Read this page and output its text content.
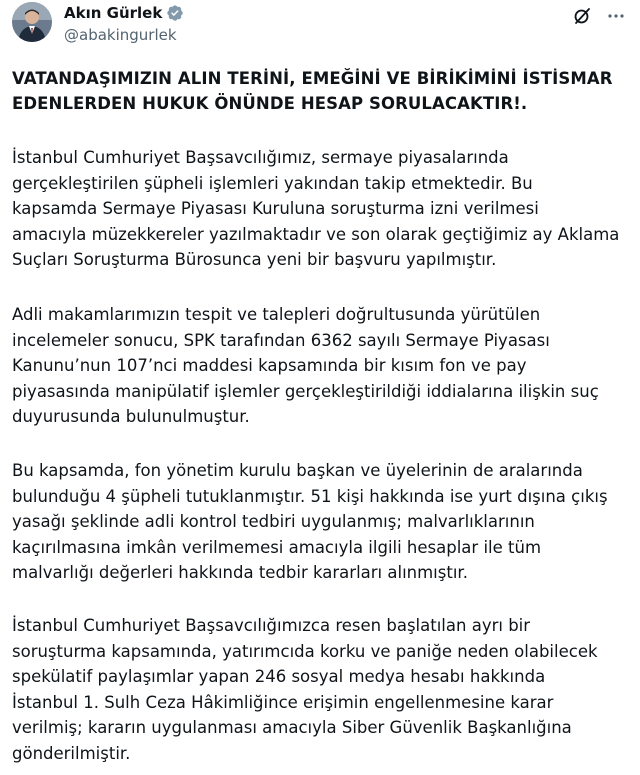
Akın Gürlek
@abakingurlek
VATANDAŞIMIZIN ALIN TERİNİ, EMEĞİNİ VE BİRİKİMİNİ İSTİSMAR
EDENLERDEN HUKUK ÖNÜNDE HESAP SORULACAKTIR!.
İstanbul Cumhuriyet Başsavcılığımız, sermaye piyasalarında
gerçekleştirilen şüpheli işlemleri yakından takip etmektedir. Bu
kapsamda Sermaye Piyasası Kuruluna soruşturma izni verilmesi
amacıyla müzekkereler yazılmaktadır ve son olarak geçtiğimiz ay Aklama
Suçları Soruşturma Bürosunca yeni bir başvuru yapılmıştır.
Adli makamlarımızın tespit ve talepleri doğrultusunda yürütülen
incelemeler sonucu, SPK tarafından 6362 sayılı Sermaye Piyasası
Kanunu’nun 107’nci maddesi kapsamında bir kısım fon ve pay
piyasasında manipülatif işlemler gerçekleştirildiği iddialarına ilişkin suç
duyurusunda bulunulmuştur.
Bu kapsamda, fon yönetim kurulu başkan ve üyelerinin de aralarında
bulunduğu 4 şüpheli tutuklanmıştır. 51 kişi hakkında ise yurt dışına çıkış
yasağı şeklinde adli kontrol tedbiri uygulanmış; malvarlıklarının
kaçırılmasına imkân verilmemesi amacıyla ilgili hesaplar ile tüm
malvarlığı değerleri hakkında tedbir kararları alınmıştır.
İstanbul Cumhuriyet Başsavcılığımızca resen başlatılan ayrı bir
soruşturma kapsamında, yatırımcıda korku ve paniğe neden olabilecek
spekülatif paylaşımlar yapan 246 sosyal medya hesabı hakkında
İstanbul 1. Sulh Ceza Hâkimliğince erişimin engellenmesine karar
verilmiş; kararın uygulanması amacıyla Siber Güvenlik Başkanlığına
gönderilmiştir.
